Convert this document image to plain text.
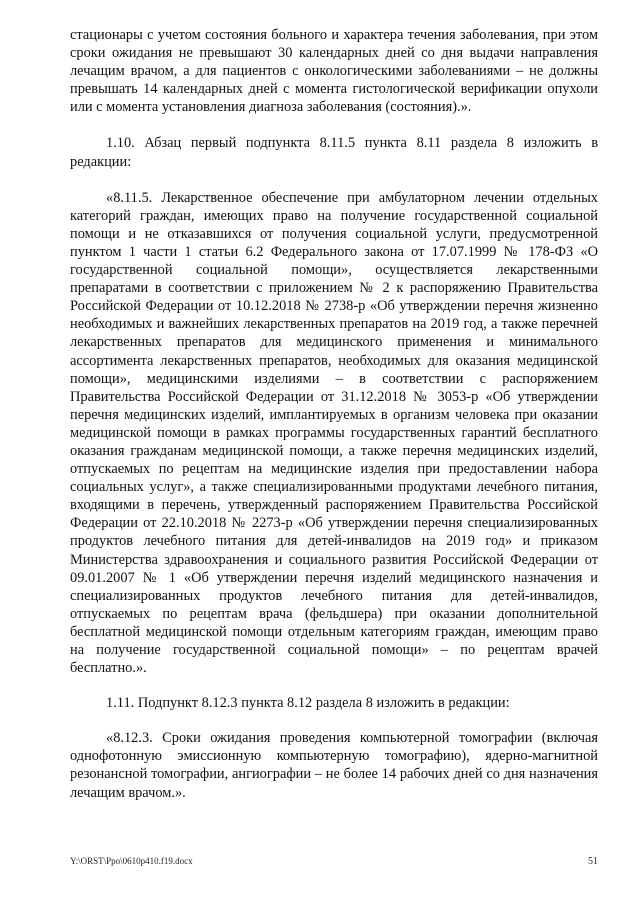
стационары с учетом состояния больного и характера течения заболевания, при этом сроки ожидания не превышают 30 календарных дней со дня выдачи направления лечащим врачом, а для пациентов с онкологическими заболеваниями – не должны превышать 14 календарных дней с момента гистологической верификации опухоли или с момента установления диагноза заболевания (состояния).».

1.10. Абзац первый подпункта 8.11.5 пункта 8.11 раздела 8 изложить в редакции:

«8.11.5. Лекарственное обеспечение при амбулаторном лечении отдельных категорий граждан, имеющих право на получение государственной социальной помощи и не отказавшихся от получения социальной услуги, предусмотренной пунктом 1 части 1 статьи 6.2 Федерального закона от 17.07.1999 № 178-ФЗ «О государственной социальной помощи», осуществляется лекарственными препаратами в соответствии с приложением № 2 к распоряжению Правительства Российской Федерации от 10.12.2018 № 2738-р «Об утверждении перечня жизненно необходимых и важнейших лекарственных препаратов на 2019 год, а также перечней лекарственных препаратов для медицинского применения и минимального ассортимента лекарственных препаратов, необходимых для оказания медицинской помощи», медицинскими изделиями – в соответствии с распоряжением Правительства Российской Федерации от 31.12.2018 № 3053-р «Об утверждении перечня медицинских изделий, имплантируемых в организм человека при оказании медицинской помощи в рамках программы государственных гарантий бесплатного оказания гражданам медицинской помощи, а также перечня медицинских изделий, отпускаемых по рецептам на медицинские изделия при предоставлении набора социальных услуг», а также специализированными продуктами лечебного питания, входящими в перечень, утвержденный распоряжением Правительства Российской Федерации от 22.10.2018 № 2273-р «Об утверждении перечня специализированных продуктов лечебного питания для детей-инвалидов на 2019 год» и приказом Министерства здравоохранения и социального развития Российской Федерации от 09.01.2007 № 1 «Об утверждении перечня изделий медицинского назначения и специализированных продуктов лечебного питания для детей-инвалидов, отпускаемых по рецептам врача (фельдшера) при оказании дополнительной бесплатной медицинской помощи отдельным категориям граждан, имеющим право на получение государственной социальной помощи» – по рецептам врачей бесплатно.».

1.11. Подпункт 8.12.3 пункта 8.12 раздела 8 изложить в редакции:

«8.12.3. Сроки ожидания проведения компьютерной томографии (включая однофотонную эмиссионную компьютерную томографию), ядерно-магнитной резонансной томографии, ангиографии – не более 14 рабочих дней со дня назначения лечащим врачом.».

Y:\ORST\Ppo\0610p410.f19.docx	51
